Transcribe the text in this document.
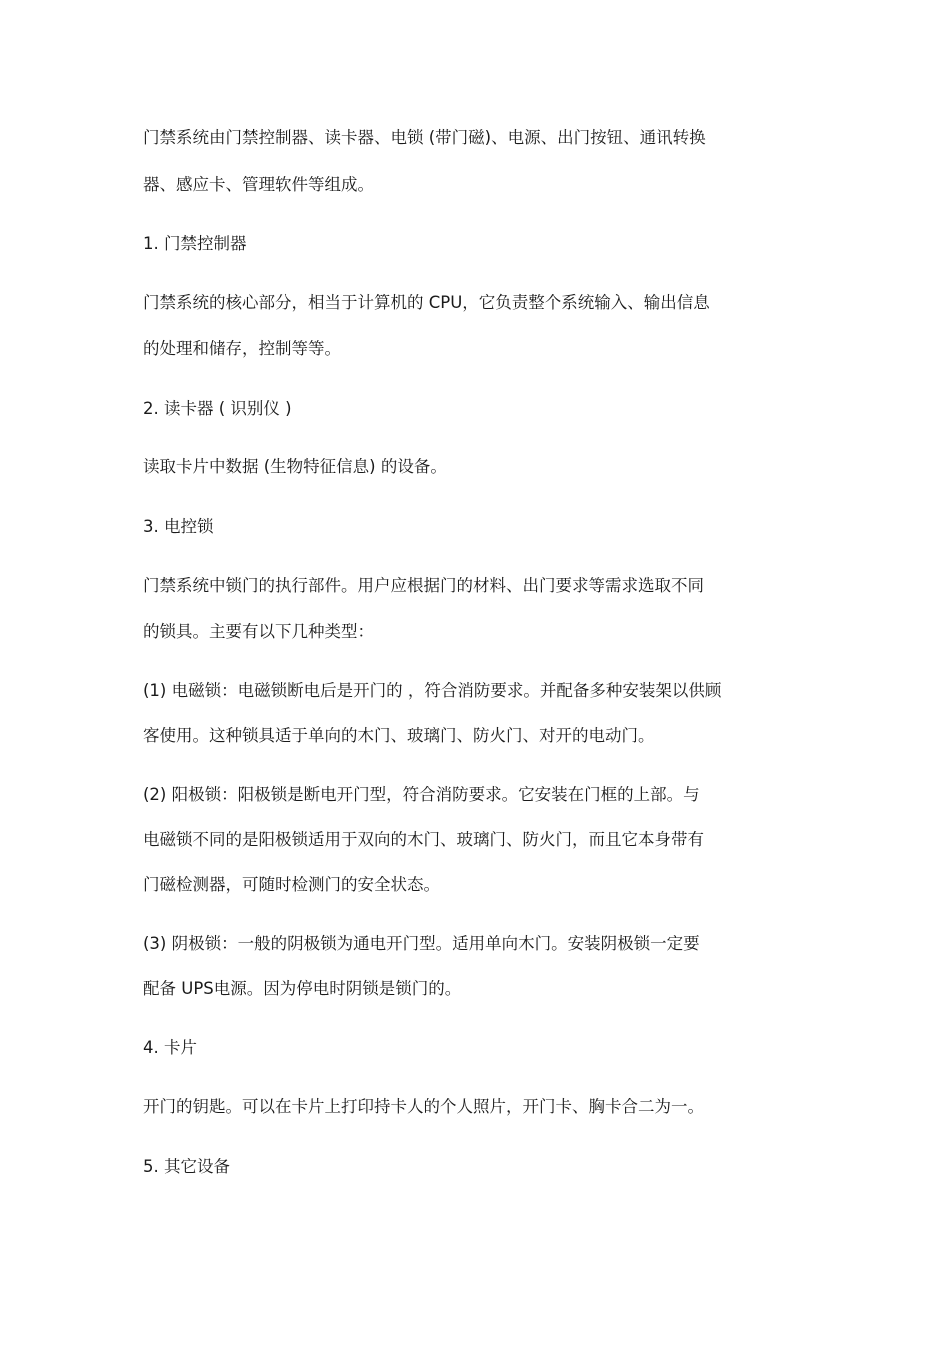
门禁系统由门禁控制器、读卡器、电锁 (带门磁)、电源、出门按钮、通讯转换
器、感应卡、管理软件等组成。
1. 门禁控制器
门禁系统的核心部分，相当于计算机的 CPU，它负责整个系统输入、输出信息
的处理和储存，控制等等。
2. 读卡器 ( 识别仪 )
读取卡片中数据 (生物特征信息) 的设备。
3. 电控锁
门禁系统中锁门的执行部件。用户应根据门的材料、出门要求等需求选取不同
的锁具。主要有以下几种类型：
(1) 电磁锁：电磁锁断电后是开门的 ，符合消防要求。并配备多种安装架以供顾
客使用。这种锁具适于单向的木门、玻璃门、防火门、对开的电动门。
(2) 阳极锁：阳极锁是断电开门型，符合消防要求。它安装在门框的上部。与
电磁锁不同的是阳极锁适用于双向的木门、玻璃门、防火门，而且它本身带有
门磁检测器，可随时检测门的安全状态。
(3) 阴极锁：一般的阴极锁为通电开门型。适用单向木门。安装阴极锁一定要
配备 UPS电源。因为停电时阴锁是锁门的。
4. 卡片
开门的钥匙。可以在卡片上打印持卡人的个人照片，开门卡、胸卡合二为一。
5. 其它设备
